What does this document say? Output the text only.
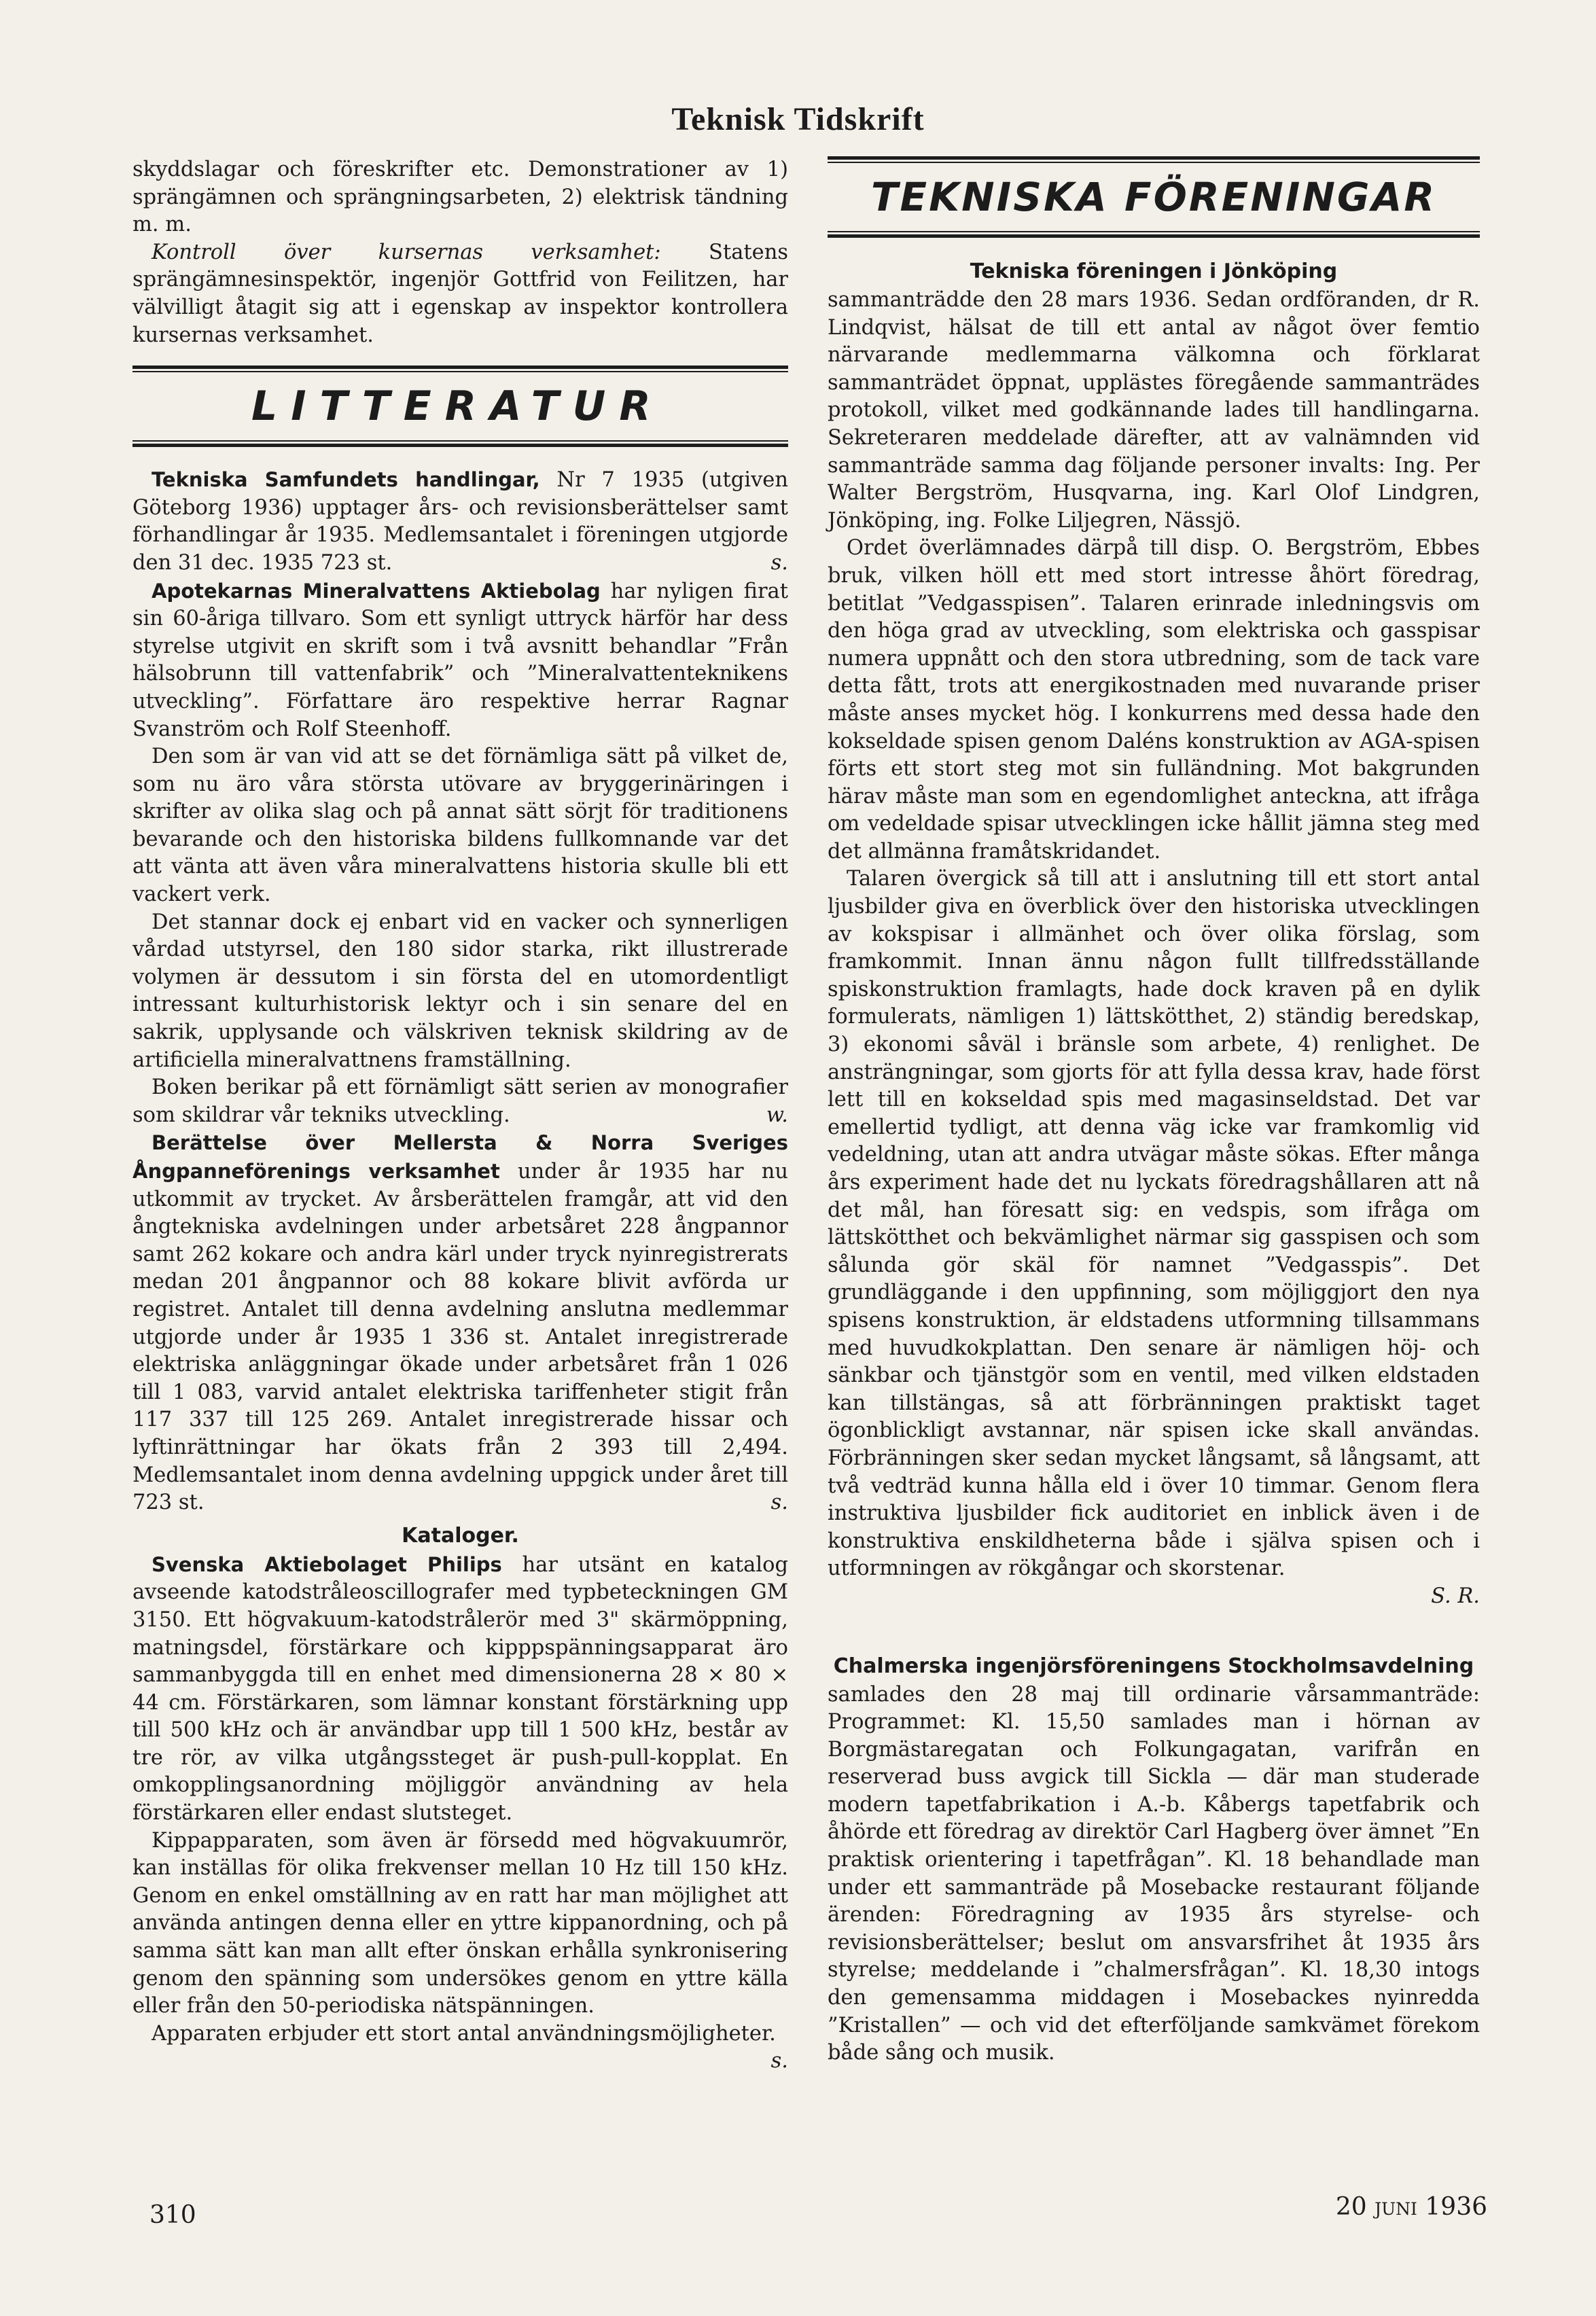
Teknisk Tidskrift

skyddslagar och föreskrifter etc. Demonstrationer av 1) sprängämnen och sprängningsarbeten, 2) elektrisk tändning m. m.

Kontroll över kursernas verksamhet: Statens sprängämnesinspektör, ingenjör Gottfrid von Feilitzen, har välvilligt åtagit sig att i egenskap av inspektor kontrollera kursernas verksamhet.

LITTERATUR

Tekniska Samfundets handlingar, Nr 7 1935 (utgiven Göteborg 1936) upptager års- och revisionsberättelser samt förhandlingar år 1935. Medlemsantalet i föreningen utgjorde den 31 dec. 1935 723 st.	s.

Apotekarnas Mineralvattens Aktiebolag har nyligen firat sin 60-åriga tillvaro. Som ett synligt uttryck härför har dess styrelse utgivit en skrift som i två avsnitt behandlar ”Från hälsobrunn till vattenfabrik” och ”Mineralvattenteknikens utveckling”. Författare äro respektive herrar Ragnar Svanström och Rolf Steenhoff.

Den som är van vid att se det förnämliga sätt på vilket de, som nu äro våra största utövare av bryggerinäringen i skrifter av olika slag och på annat sätt sörjt för traditionens bevarande och den historiska bildens fullkomnande var det att vänta att även våra mineralvattens historia skulle bli ett vackert verk.

Det stannar dock ej enbart vid en vacker och synnerligen vårdad utstyrsel, den 180 sidor starka, rikt illustrerade volymen är dessutom i sin första del en utomordentligt intressant kulturhistorisk lektyr och i sin senare del en sakrik, upplysande och välskriven teknisk skildring av de artificiella mineralvattnens framställning.

Boken berikar på ett förnämligt sätt serien av monografier som skildrar vår tekniks utveckling.	w.

Berättelse över Mellersta & Norra Sveriges Ångpanneförenings verksamhet under år 1935 har nu utkommit av trycket. Av årsberättelen framgår, att vid den ångtekniska avdelningen under arbetsåret 228 ångpannor samt 262 kokare och andra kärl under tryck nyinregistrerats medan 201 ångpannor och 88 kokare blivit avförda ur registret. Antalet till denna avdelning anslutna medlemmar utgjorde under år 1935 1 336 st. Antalet inregistrerade elektriska anläggningar ökade under arbetsåret från 1 026 till 1 083, varvid antalet elektriska tariffenheter stigit från 117 337 till 125 269. Antalet inregistrerade hissar och lyftinrättningar har ökats från 2 393 till 2,494. Medlemsantalet inom denna avdelning uppgick under året till 723 st.	s.

Kataloger.

Svenska Aktiebolaget Philips har utsänt en katalog avseende katodstråleoscillografer med typbeteckningen GM 3150. Ett högvakuum-katodstrålerör med 3" skärmöppning, matningsdel, förstärkare och kipppspänningsapparat äro sammanbyggda till en enhet med dimensionerna 28 × 80 × 44 cm. Förstärkaren, som lämnar konstant förstärkning upp till 500 kHz och är användbar upp till 1 500 kHz, består av tre rör, av vilka utgångssteget är push-pull-kopplat. En omkopplingsanordning möjliggör användning av hela förstärkaren eller endast slutsteget.

Kippapparaten, som även är försedd med högvakuumrör, kan inställas för olika frekvenser mellan 10 Hz till 150 kHz. Genom en enkel omställning av en ratt har man möjlighet att använda antingen denna eller en yttre kippanordning, och på samma sätt kan man allt efter önskan erhålla synkronisering genom den spänning som undersökes genom en yttre källa eller från den 50-periodiska nätspänningen.

Apparaten erbjuder ett stort antal användningsmöjligheter.
s.

TEKNISKA FÖRENINGAR
Tekniska föreningen i Jönköping

sammanträdde den 28 mars 1936. Sedan ordföranden, dr R. Lindqvist, hälsat de till ett antal av något över femtio närvarande medlemmarna välkomna och förklarat sammanträdet öppnat, upplästes föregående sammanträdes protokoll, vilket med godkännande lades till handlingarna. Sekreteraren meddelade därefter, att av valnämnden vid sammanträde samma dag följande personer invalts: Ing. Per Walter Bergström, Husqvarna, ing. Karl Olof Lindgren, Jönköping, ing. Folke Liljegren, Nässjö.

Ordet överlämnades därpå till disp. O. Bergström, Ebbes bruk, vilken höll ett med stort intresse åhört föredrag, betitlat ”Vedgasspisen”. Talaren erinrade inledningsvis om den höga grad av utveckling, som elektriska och gasspisar numera uppnått och den stora utbredning, som de tack vare detta fått, trots att energikostnaden med nuvarande priser måste anses mycket hög. I konkurrens med dessa hade den kokseldade spisen genom Daléns konstruktion av AGA-spisen förts ett stort steg mot sin fulländning. Mot bakgrunden härav måste man som en egendomlighet anteckna, att ifråga om vedeldade spisar utvecklingen icke hållit jämna steg med det allmänna framåtskridandet.

Talaren övergick så till att i anslutning till ett stort antal ljusbilder giva en överblick över den historiska utvecklingen av kokspisar i allmänhet och över olika förslag, som framkommit. Innan ännu någon fullt tillfredsställande spiskonstruktion framlagts, hade dock kraven på en dylik formulerats, nämligen 1) lättskötthet, 2) ständig beredskap, 3) ekonomi såväl i bränsle som arbete, 4) renlighet. De ansträngningar, som gjorts för att fylla dessa krav, hade först lett till en kokseldad spis med magasinseldstad. Det var emellertid tydligt, att denna väg icke var framkomlig vid vedeldning, utan att andra utvägar måste sökas. Efter många års experiment hade det nu lyckats föredragshållaren att nå det mål, han föresatt sig: en vedspis, som ifråga om lättskötthet och bekvämlighet närmar sig gasspisen och som sålunda gör skäl för namnet ”Vedgasspis”. Det grundläggande i den uppfinning, som möjliggjort den nya spisens konstruktion, är eldstadens utformning tillsammans med huvudkokplattan. Den senare är nämligen höj- och sänkbar och tjänstgör som en ventil, med vilken eldstaden kan tillstängas, så att förbränningen praktiskt taget ögonblickligt avstannar, när spisen icke skall användas. Förbränningen sker sedan mycket långsamt, så långsamt, att två vedträd kunna hålla eld i över 10 timmar. Genom flera instruktiva ljusbilder fick auditoriet en inblick även i de konstruktiva enskildheterna både i själva spisen och i utformningen av rökgångar och skorstenar.

S. R.

Chalmerska ingenjörsföreningens Stockholmsavdelning

samlades den 28 maj till ordinarie vårsammanträde: Programmet: Kl. 15,50 samlades man i hörnan av Borgmästaregatan och Folkungagatan, varifrån en reserverad buss avgick till Sickla — där man studerade modern tapetfabrikation i A.-b. Kåbergs tapetfabrik och åhörde ett föredrag av direktör Carl Hagberg över ämnet ”En praktisk orientering i tapetfrågan”. Kl. 18 behandlade man under ett sammanträde på Mosebacke restaurant följande ärenden: Föredragning av 1935 års styrelse- och revisionsberättelser; beslut om ansvarsfrihet åt 1935 års styrelse; meddelande i ”chalmersfrågan”. Kl. 18,30 intogs den gemensamma middagen i Mosebackes nyinredda ”Kristallen” — och vid det efterföljande samkvämet förekom både sång och musik.

310	20 juni 1936
